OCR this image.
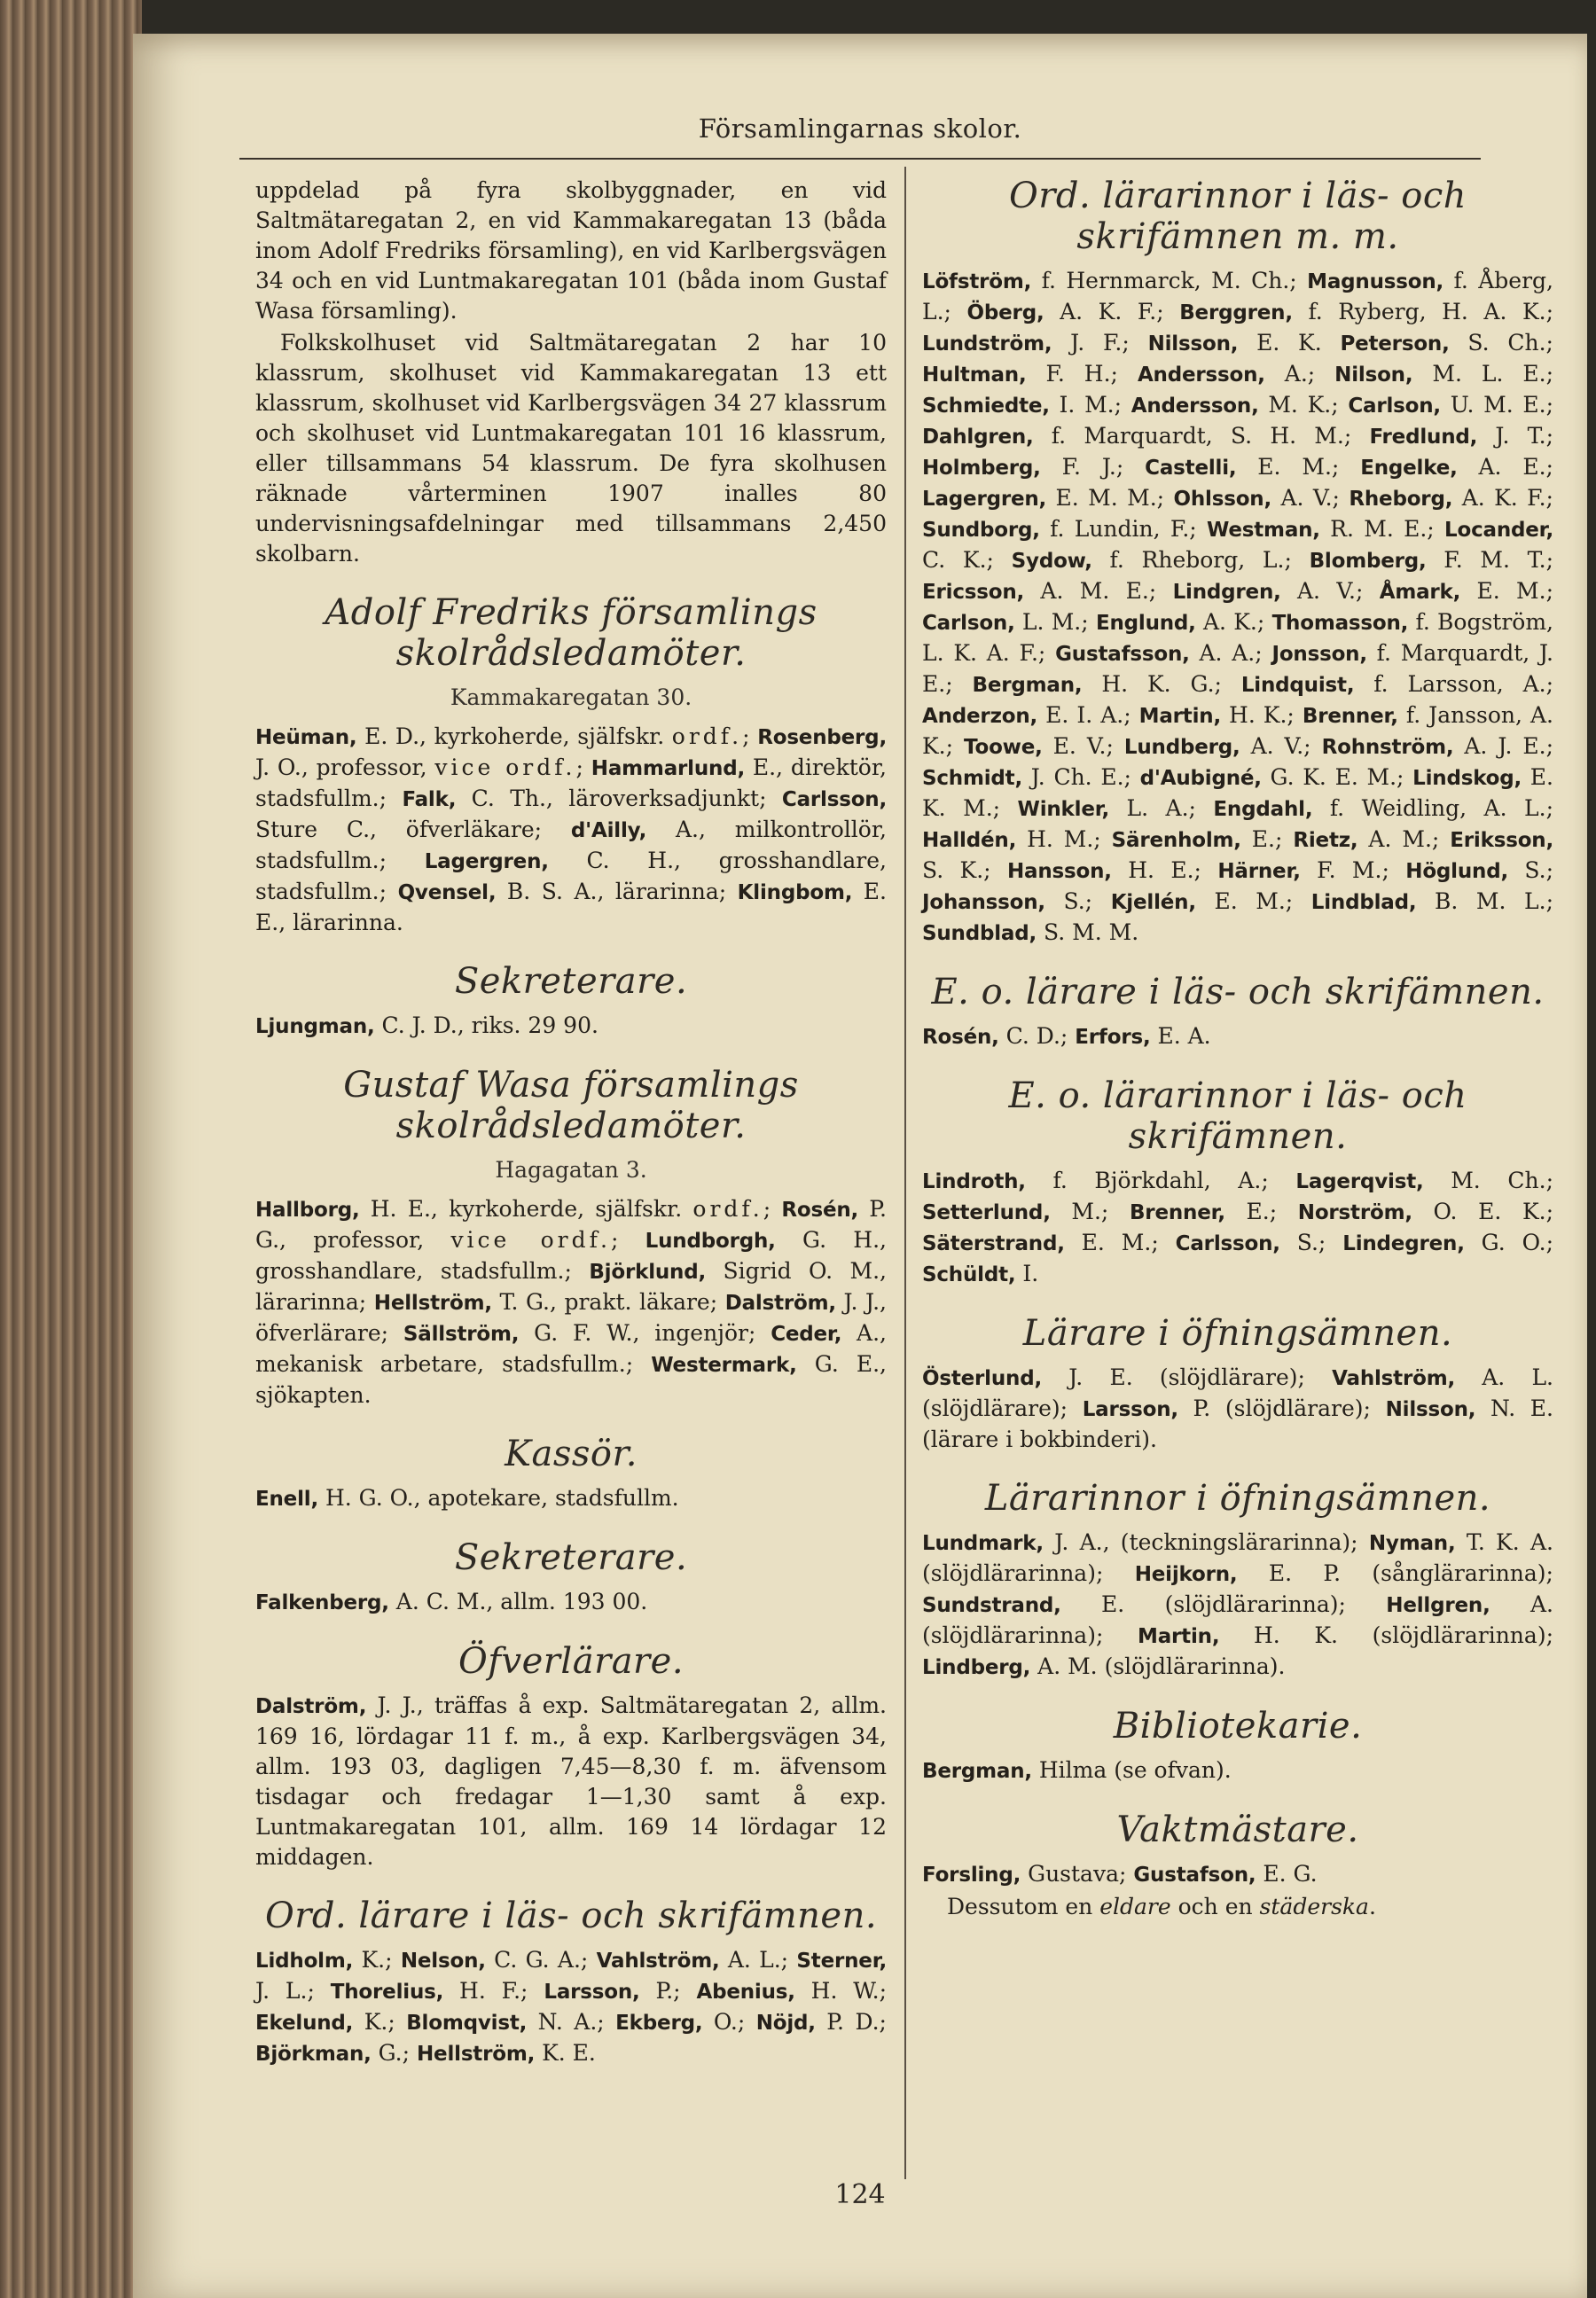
Församlingarnas skolor.

uppdelad på fyra skolbyggnader, en vid Saltmätaregatan 2, en vid Kammakaregatan 13 (båda inom Adolf Fredriks församling), en vid Karlbergsvägen 34 och en vid Luntmakaregatan 101 (båda inom Gustaf Wasa församling).

Folkskolhuset vid Saltmätaregatan 2 har 10 klassrum, skolhuset vid Kammakaregatan 13 ett klassrum, skolhuset vid Karlbergsvägen 34 27 klassrum och skolhuset vid Luntmakaregatan 101 16 klassrum, eller tillsammans 54 klassrum. De fyra skolhusen räknade vårterminen 1907 inalles 80 undervisningsafdelningar med tillsammans 2,450 skolbarn.

Adolf Fredriks församlings skolrådsledamöter.
Kammakaregatan 30.

Heüman, E. D., kyrkoherde, själfskr. ordf.; Rosenberg, J. O., professor, vice ordf.; Hammarlund, E., direktör, stadsfullm.; Falk, C. Th., läroverksadjunkt; Carlsson, Sture C., öfverläkare; d'Ailly, A., milkontrollör, stadsfullm.; Lagergren, C. H., grosshandlare, stadsfullm.; Qvensel, B. S. A., lärarinna; Klingbom, E. E., lärarinna.

Sekreterare.

Ljungman, C. J. D., riks. 29 90.

Gustaf Wasa församlings skolrådsledamöter.
Hagagatan 3.

Hallborg, H. E., kyrkoherde, själfskr. ordf.; Rosén, P. G., professor, vice ordf.; Lundborgh, G. H., grosshandlare, stadsfullm.; Björklund, Sigrid O. M., lärarinna; Hellström, T. G., prakt. läkare; Dalström, J. J., öfverlärare; Sällström, G. F. W., ingenjör; Ceder, A., mekanisk arbetare, stadsfullm.; Westermark, G. E., sjökapten.

Kassör.

Enell, H. G. O., apotekare, stadsfullm.

Sekreterare.

Falkenberg, A. C. M., allm. 193 00.

Öfverlärare.

Dalström, J. J., träffas å exp. Saltmätaregatan 2, allm. 169 16, lördagar 11 f. m., å exp. Karlbergsvägen 34, allm. 193 03, dagligen 7,45—8,30 f. m. äfvensom tisdagar och fredagar 1—1,30 samt å exp. Luntmakaregatan 101, allm. 169 14 lördagar 12 middagen.

Ord. lärare i läs- och skrifämnen.

Lidholm, K.; Nelson, C. G. A.; Vahlström, A. L.; Sterner, J. L.; Thorelius, H. F.; Larsson, P.; Abenius, H. W.; Ekelund, K.; Blomqvist, N. A.; Ekberg, O.; Nöjd, P. D.; Björkman, G.; Hellström, K. E.

Ord. lärarinnor i läs- och skrifämnen m. m.

Löfström, f. Hernmarck, M. Ch.; Magnusson, f. Åberg, L.; Öberg, A. K. F.; Berggren, f. Ryberg, H. A. K.; Lundström, J. F.; Nilsson, E. K. Peterson, S. Ch.; Hultman, F. H.; Andersson, A.; Nilson, M. L. E.; Schmiedte, I. M.; Andersson, M. K.; Carlson, U. M. E.; Dahlgren, f. Marquardt, S. H. M.; Fredlund, J. T.; Holmberg, F. J.; Castelli, E. M.; Engelke, A. E.; Lagergren, E. M. M.; Ohlsson, A. V.; Rheborg, A. K. F.; Sundborg, f. Lundin, F.; Westman, R. M. E.; Locander, C. K.; Sydow, f. Rheborg, L.; Blomberg, F. M. T.; Ericsson, A. M. E.; Lindgren, A. V.; Åmark, E. M.; Carlson, L. M.; Englund, A. K.; Thomasson, f. Bogström, L. K. A. F.; Gustafsson, A. A.; Jonsson, f. Marquardt, J. E.; Bergman, H. K. G.; Lindquist, f. Larsson, A.; Anderzon, E. I. A.; Martin, H. K.; Brenner, f. Jansson, A. K.; Toowe, E. V.; Lundberg, A. V.; Rohnström, A. J. E.; Schmidt, J. Ch. E.; d'Aubigné, G. K. E. M.; Lindskog, E. K. M.; Winkler, L. A.; Engdahl, f. Weidling, A. L.; Halldén, H. M.; Särenholm, E.; Rietz, A. M.; Eriksson, S. K.; Hansson, H. E.; Härner, F. M.; Höglund, S.; Johansson, S.; Kjellén, E. M.; Lindblad, B. M. L.; Sundblad, S. M. M.

E. o. lärare i läs- och skrifämnen.

Rosén, C. D.; Erfors, E. A.

E. o. lärarinnor i läs- och skrifämnen.

Lindroth, f. Björkdahl, A.; Lagerqvist, M. Ch.; Setterlund, M.; Brenner, E.; Norström, O. E. K.; Säterstrand, E. M.; Carlsson, S.; Lindegren, G. O.; Schüldt, I.

Lärare i öfningsämnen.

Österlund, J. E. (slöjdlärare); Vahlström, A. L. (slöjdlärare); Larsson, P. (slöjdlärare); Nilsson, N. E. (lärare i bokbinderi).

Lärarinnor i öfningsämnen.

Lundmark, J. A., (teckningslärarinna); Nyman, T. K. A. (slöjdlärarinna); Heijkorn, E. P. (sånglärarinna); Sundstrand, E. (slöjdlärarinna); Hellgren, A. (slöjdlärarinna); Martin, H. K. (slöjdlärarinna); Lindberg, A. M. (slöjdlärarinna).

Bibliotekarie.

Bergman, Hilma (se ofvan).

Vaktmästare.

Forsling, Gustava; Gustafson, E. G.

Dessutom en eldare och en städerska.

124
